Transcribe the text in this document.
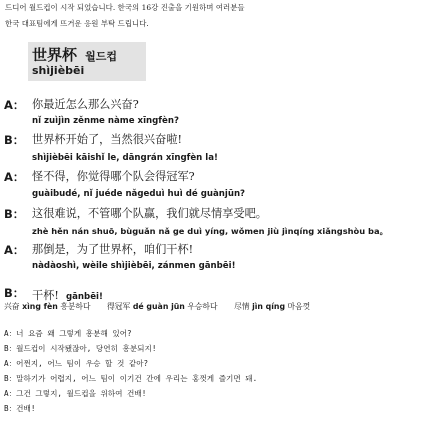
드디어 월드컵이 시작 되었습니다. 한국의 16강 진출을 기원하며 여러분들
한국 대표팀에게 뜨거운 응원 부탁 드립니다.
世界杯 월드컵
shìjièbēi
A： 你最近怎么那么兴奋?
nǐ zuìjìn zěnme nàme xīngfèn?
B： 世界杯开始了，当然很兴奋啦!
shìjièbēi kāishǐ le, dāngrán xīngfèn la!
A： 怪不得，你觉得哪个队会得冠军?
guàibudé, nǐ juéde nǎgeduì huì dé guànjūn?
B： 这很难说，不管哪个队赢，我们就尽情享受吧。
zhè hěn nán shuō, bùguǎn nǎ ge duì yíng, wǒmen jiù jìnqíng xiǎngshòu ba。
A： 那倒是，为了世界杯，咱们干杯!
nàdàoshì, wèile shìjièbēi, zánmen gānbēi!
B： 干杯! gānbēi!
兴奋 xìng fèn 흥분하다 得冠军 dé guàn jūn 우승하다 尽情 jìn qíng 마음껏
A：너 요즘 왜 그렇게 흥분해 있어?
B：월드컵이 시작됐잖아, 당연히 흥분되지!
A：어쩐지, 어느 팀이 우승 할 것 같아?
B：말하기가 어렵지, 어느 팀이 이기건 간에 우리는 홍껏게 즐기면 돼.
A：그건 그렇지, 월드컵을 위하여 건배!
B：건배!
